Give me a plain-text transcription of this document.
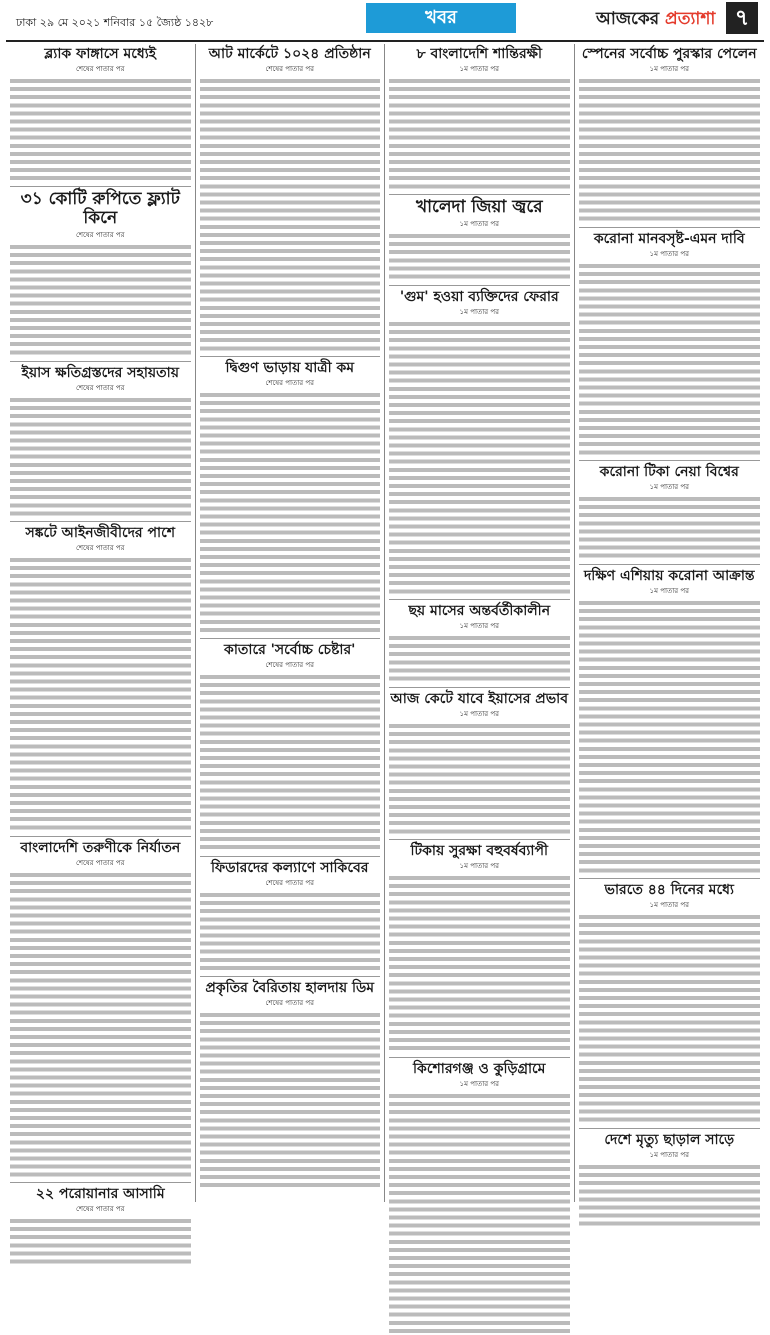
ঢাকা ২৯ মে ২০২১ শনিবার ১৫ জ্যৈষ্ঠ ১৪২৮	খবর	আজকের প্রত্যাশা ৭
ব্ল্যাক ফাঙ্গাসে মধ্যেই
শেষের পাতার পর
৩১ কোটি রুপিতে ফ্ল্যাট কিনে
শেষের পাতার পর
ইয়াস ক্ষতিগ্রস্তদের সহায়তায়
শেষের পাতার পর
সঙ্কটে আইনজীবীদের পাশে
শেষের পাতার পর
বাংলাদেশি তরুণীকে নির্যাতন
শেষের পাতার পর
২২ পরোয়ানার আসামি
শেষের পাতার পর
আট মার্কেটে ১০২৪ প্রতিষ্ঠান
শেষের পাতার পর
দ্বিগুণ ভাড়ায় যাত্রী কম
শেষের পাতার পর
কাতারে 'সর্বোচ্চ চেষ্টার'
শেষের পাতার পর
ফিডারদের কল্যাণে সাকিবের
শেষের পাতার পর
প্রকৃতির বৈরিতায় হালদায় ডিম
শেষের পাতার পর
৮ বাংলাদেশি শান্তিরক্ষী
১ম পাতার পর
খালেদা জিয়া জ্বরে
১ম পাতার পর
'গুম' হওয়া ব্যক্তিদের ফেরার
১ম পাতার পর
ছয় মাসের অন্তর্বর্তীকালীন
১ম পাতার পর
আজ কেটে যাবে ইয়াসের প্রভাব
১ম পাতার পর
টিকায় সুরক্ষা বহুবর্ষব্যাপী
১ম পাতার পর
কিশোরগঞ্জ ও কুড়িগ্রামে
১ম পাতার পর
স্পেনের সর্বোচ্চ পুরস্কার পেলেন
১ম পাতার পর
করোনা মানবসৃষ্ট-এমন দাবি
১ম পাতার পর
করোনা টিকা নেয়া বিশ্বের
১ম পাতার পর
দক্ষিণ এশিয়ায় করোনা আক্রান্ত
১ম পাতার পর
ভারতে ৪৪ দিনের মধ্যে
১ম পাতার পর
দেশে মৃত্যু ছাড়াল সাড়ে
১ম পাতার পর
